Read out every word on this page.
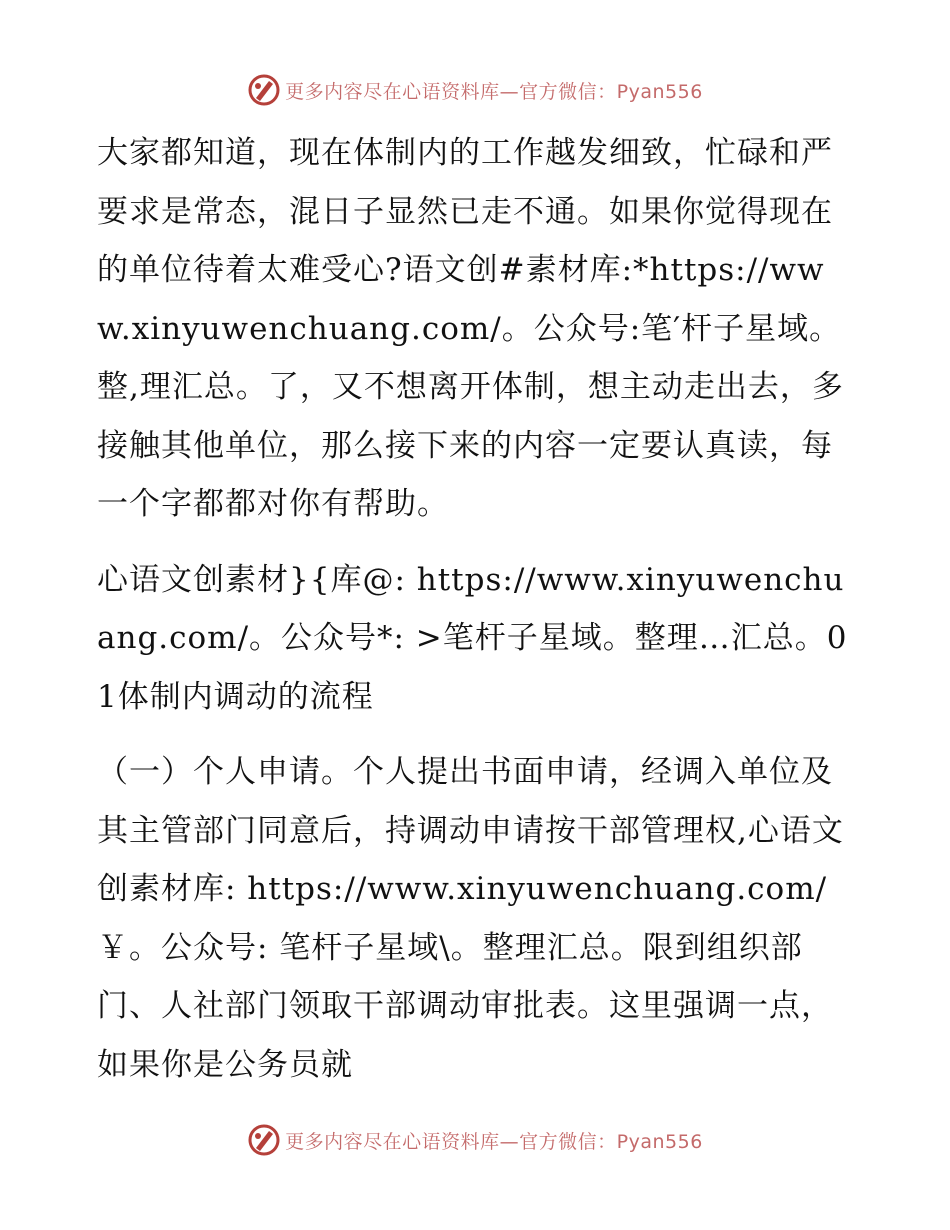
更多内容尽在心语资料库—官方微信：Pyan556

大家都知道，现在体制内的工作越发细致，忙碌和严要求是常态，混日子显然已走不通。如果你觉得现在的单位待着太难受心?语文创#素材库:*https://www.xinyuwenchuang.com/。公众号:笔′杆子星域。整,理汇总。了，又不想离开体制，想主动走出去，多接触其他单位，那么接下来的内容一定要认真读，每一个字都都对你有帮助。

心语文创素材}{库@: https://www.xinyuwenchuang.com/。公众号*: >笔杆子星域。整理…汇总。01体制内调动的流程

（一）个人申请。个人提出书面申请，经调入单位及其主管部门同意后，持调动申请按干部管理权,心语文创素材库: https://www.xinyuwenchuang.com/￥。公众号: 笔杆子星域\。整理汇总。限到组织部门、人社部门领取干部调动审批表。这里强调一点，如果你是公务员就

更多内容尽在心语资料库—官方微信：Pyan556
